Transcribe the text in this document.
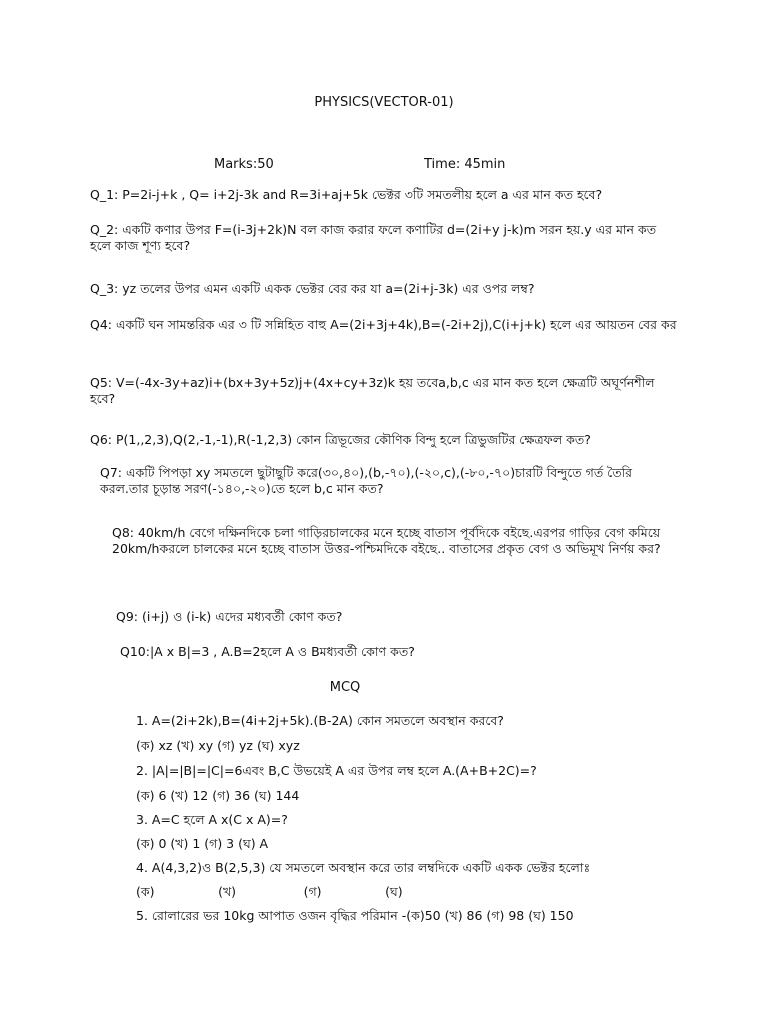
PHYSICS(VECTOR-01)
Marks:50	Time: 45min
Q_1: P=2i-j+k , Q= i+2j-3k and R=3i+aj+5k ভেক্টর ৩টি সমতলীয় হলে a এর মান কত হবে?
Q_2: একটি কণার উপর F=(i-3j+2k)N বল কাজ করার ফলে কণাটির d=(2i+y j-k)m সরন হয়.y এর মান কত হলে কাজ শূণ্য হবে?
Q_3: yz তলের উপর এমন একটি একক ভেক্টর বের কর যা a=(2i+j-3k) এর ওপর লম্ব?
Q4: একটি ঘন সামন্তরিক এর ৩ টি সন্নিহিত বাহু A=(2i+3j+4k),B=(-2i+2j),C(i+j+k) হলে এর আয়তন বের কর
Q5: V=(-4x-3y+az)i+(bx+3y+5z)j+(4x+cy+3z)k হয় তবেa,b,c এর মান কত হলে ক্ষেত্রটি অঘূর্ণনশীল হবে?
Q6: P(1,,2,3),Q(2,-1,-1),R(-1,2,3) কোন ত্রিভূজের কৌণিক বিন্দু হলে ত্রিভুজটির ক্ষেত্রফল কত?
Q7: একটি পিপড়া xy সমতলে ছুটাছুটি করে(৩০,৪০),(b,-৭০),(-২০,c),(-৮০,-৭০)চারটি বিন্দুতে গর্ত তৈরি করল.তার চূড়ান্ত সরণ(-১৪০,-২০)তে হলে b,c মান কত?
Q8: 40km/h বেগে দক্ষিনদিকে চলা গাড়িরচালকের মনে হচ্ছে বাতাস পূর্বদিকে বইছে.এরপর গাড়ির বেগ কমিয়ে 20km/hকরলে চালকের মনে হচ্ছে বাতাস উত্তর-পশ্চিমদিকে বইছে.. বাতাসের প্রকৃত বেগ ও অভিমূখ নির্ণয় কর?
Q9: (i+j) ও (i-k) এদের মধ্যবর্তী কোণ কত?
Q10:|A x B|=3 , A.B=2হলে A ও Bমধ্যবর্তী কোণ কত?
MCQ
1. A=(2i+2k),B=(4i+2j+5k).(B-2A) কোন সমতলে অবস্থান করবে?
(ক) xz (খ) xy (গ) yz (ঘ) xyz
2. |A|=|B|=|C|=6এবং B,C উভয়েই A এর উপর লম্ব হলে A.(A+B+2C)=?
(ক) 6 (খ) 12 (গ) 36 (ঘ) 144
3. A=C হলে A x(C x A)=?
(ক) 0 (খ) 1 (গ) 3 (ঘ) A
4. A(4,3,2)ও B(2,5,3) যে সমতলে অবস্থান করে তার লম্বদিকে একটি একক ভেক্টর হলোঃ
(ক)                (খ)                 (গ)                (ঘ)
5. রোলারের ভর 10kg আপাত ওজন বৃদ্ধির পরিমান -(ক)50 (খ) 86 (গ) 98 (ঘ) 150
